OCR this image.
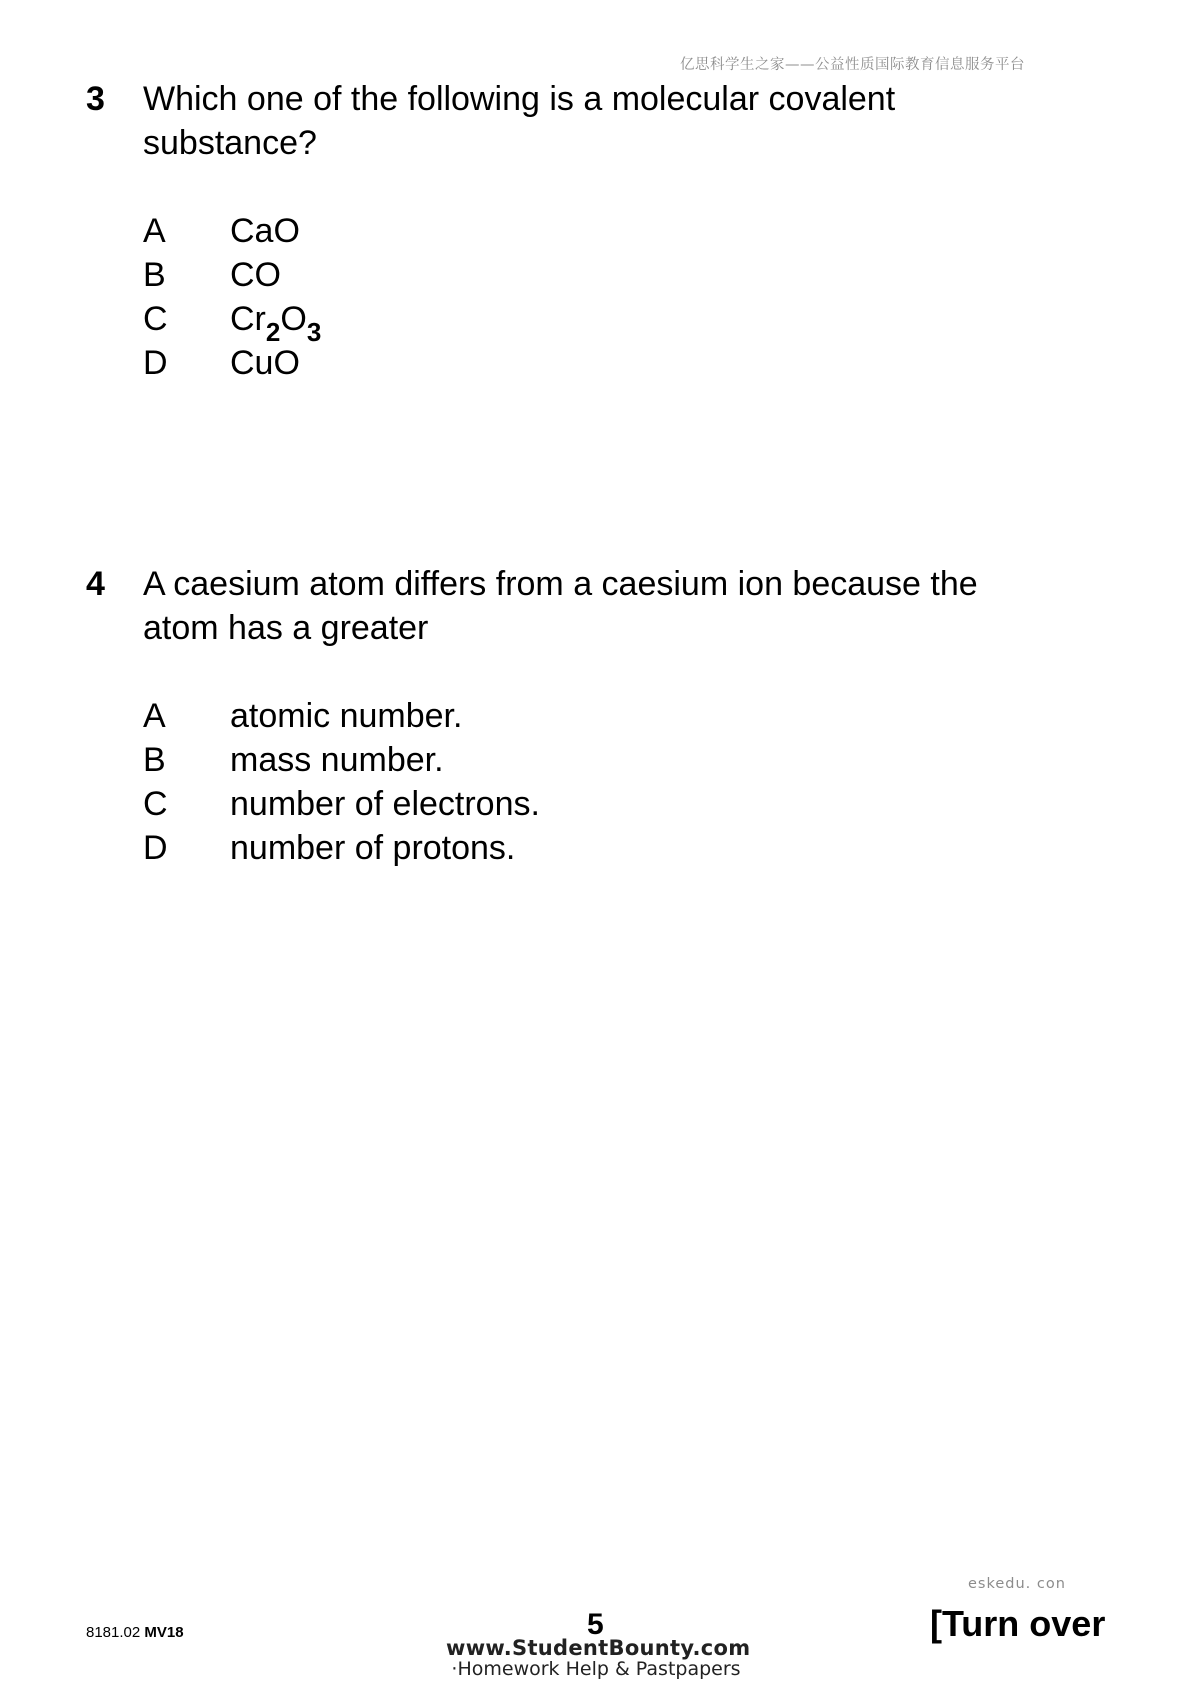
亿思科学生之家——公益性质国际教育信息服务平台
3 Which one of the following is a molecular covalent
substance?
A	CaO
B	CO
C	Cr 2 O 3
D	CuO
4 A caesium atom differs from a caesium ion because the
atom has a greater
A	atomic number.
B	mass number.
C	number of electrons.
D	number of protons.
eskedu. con
8181.02 MV18	5	[Turn over
www.StudentBounty.com
·Homework Help & Pastpapers
